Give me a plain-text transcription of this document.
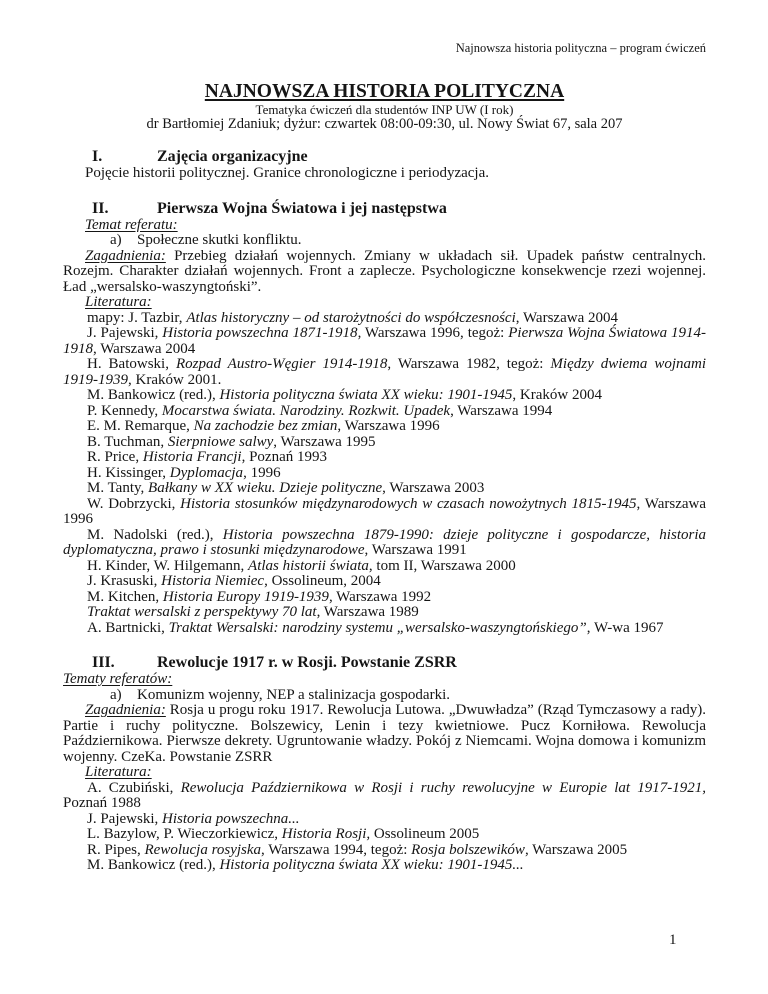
Najnowsza historia polityczna – program ćwiczeń

NAJNOWSZA HISTORIA POLITYCZNA

Tematyka ćwiczeń dla studentów INP UW (I rok)

dr Bartłomiej Zdaniuk; dyżur: czwartek 08:00-09:30, ul. Nowy Świat 67, sala 207

I.	Zajęcia organizacyjne

Pojęcie historii politycznej. Granice chronologiczne i periodyzacja.

II.	Pierwsza Wojna Światowa i jej następstwa

Temat referatu:

a) Społeczne skutki konfliktu.

Zagadnienia: Przebieg działań wojennych. Zmiany w układach sił. Upadek państw centralnych. Rozejm. Charakter działań wojennych. Front a zaplecze. Psychologiczne konsekwencje rzezi wojennej. Ład „wersalsko-waszyngtoński”.

Literatura:

mapy: J. Tazbir, Atlas historyczny – od starożytności do współczesności, Warszawa 2004

J. Pajewski, Historia powszechna 1871-1918, Warszawa 1996, tegoż: Pierwsza Wojna Światowa 1914-1918, Warszawa 2004

H. Batowski, Rozpad Austro-Węgier 1914-1918, Warszawa 1982, tegoż: Między dwiema wojnami 1919-1939, Kraków 2001.

M. Bankowicz (red.), Historia polityczna świata XX wieku: 1901-1945, Kraków 2004

P. Kennedy, Mocarstwa świata. Narodziny. Rozkwit. Upadek, Warszawa 1994

E. M. Remarque, Na zachodzie bez zmian, Warszawa 1996

B. Tuchman, Sierpniowe salwy, Warszawa 1995

R. Price, Historia Francji, Poznań 1993

H. Kissinger, Dyplomacja, 1996

M. Tanty, Bałkany w XX wieku. Dzieje polityczne, Warszawa 2003

W. Dobrzycki, Historia stosunków międzynarodowych w czasach nowożytnych 1815-1945, Warszawa 1996

M. Nadolski (red.), Historia powszechna 1879-1990: dzieje polityczne i gospodarcze, historia dyplomatyczna, prawo i stosunki międzynarodowe, Warszawa 1991

H. Kinder, W. Hilgemann, Atlas historii świata, tom II, Warszawa 2000

J. Krasuski, Historia Niemiec, Ossolineum, 2004

M. Kitchen, Historia Europy 1919-1939, Warszawa 1992

Traktat wersalski z perspektywy 70 lat, Warszawa 1989

A. Bartnicki, Traktat Wersalski: narodziny systemu „wersalsko-waszyngtońskiego”, W-wa 1967

III.	Rewolucje 1917 r. w Rosji. Powstanie ZSRR

Tematy referatów:

a) Komunizm wojenny, NEP a stalinizacja gospodarki.

Zagadnienia: Rosja u progu roku 1917. Rewolucja Lutowa. „Dwuwładza” (Rząd Tymczasowy a rady). Partie i ruchy polityczne. Bolszewicy, Lenin i tezy kwietniowe. Pucz Korniłowa. Rewolucja Październikowa. Pierwsze dekrety. Ugruntowanie władzy. Pokój z Niemcami. Wojna domowa i komunizm wojenny. CzeKa. Powstanie ZSRR

Literatura:

A. Czubiński, Rewolucja Październikowa w Rosji i ruchy rewolucyjne w Europie lat 1917-1921, Poznań 1988

J. Pajewski, Historia powszechna...

L. Bazylow, P. Wieczorkiewicz, Historia Rosji, Ossolineum 2005

R. Pipes, Rewolucja rosyjska, Warszawa 1994, tegoż: Rosja bolszewików, Warszawa 2005

M. Bankowicz (red.), Historia polityczna świata XX wieku: 1901-1945...

1
